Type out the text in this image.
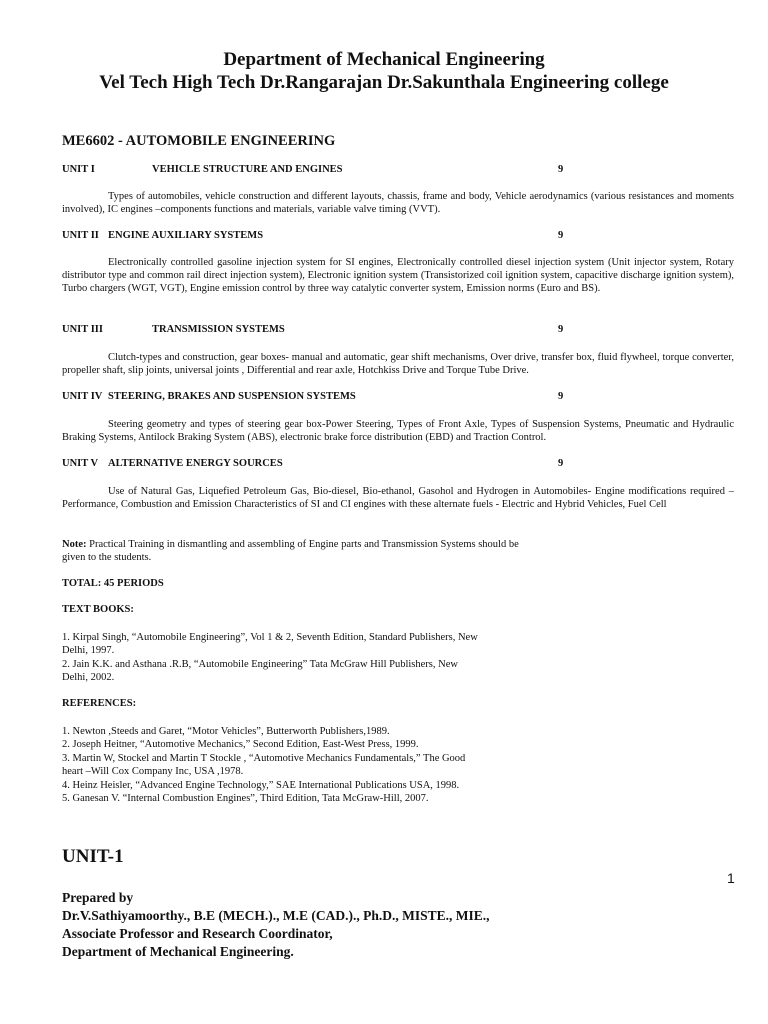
Department of Mechanical Engineering
Vel Tech High Tech Dr.Rangarajan Dr.Sakunthala Engineering college
ME6602 - AUTOMOBILE ENGINEERING
UNIT I	VEHICLE STRUCTURE AND ENGINES	9
Types of automobiles, vehicle construction and different layouts, chassis, frame and body, Vehicle aerodynamics (various resistances and moments involved), IC engines –components functions and materials, variable valve timing (VVT).
UNIT II ENGINE AUXILIARY SYSTEMS	9
Electronically controlled gasoline injection system for SI engines, Electronically controlled diesel injection system (Unit injector system, Rotary distributor type and common rail direct injection system), Electronic ignition system (Transistorized coil ignition system, capacitive discharge ignition system), Turbo chargers (WGT, VGT), Engine emission control by three way catalytic converter system, Emission norms (Euro and BS).
UNIT III	TRANSMISSION SYSTEMS	9
Clutch-types and construction, gear boxes- manual and automatic, gear shift mechanisms, Over drive, transfer box, fluid flywheel, torque converter, propeller shaft, slip joints, universal joints , Differential and rear axle, Hotchkiss Drive and Torque Tube Drive.
UNIT IV STEERING, BRAKES AND SUSPENSION SYSTEMS	9
Steering geometry and types of steering gear box-Power Steering, Types of Front Axle, Types of Suspension Systems, Pneumatic and Hydraulic Braking Systems, Antilock Braking System (ABS), electronic brake force distribution (EBD) and Traction Control.
UNIT V ALTERNATIVE ENERGY SOURCES	9
Use of Natural Gas, Liquefied Petroleum Gas, Bio-diesel, Bio-ethanol, Gasohol and Hydrogen in Automobiles- Engine modifications required –Performance, Combustion and Emission Characteristics of SI and CI engines with these alternate fuels - Electric and Hybrid Vehicles, Fuel Cell
Note: Practical Training in dismantling and assembling of Engine parts and Transmission Systems should be given to the students.
TOTAL: 45 PERIODS
TEXT BOOKS:
1. Kirpal Singh, “Automobile Engineering”, Vol 1 & 2, Seventh Edition, Standard Publishers, New
Delhi, 1997.
2. Jain K.K. and Asthana .R.B, “Automobile Engineering” Tata McGraw Hill Publishers, New
Delhi, 2002.
REFERENCES:
1. Newton ,Steeds and Garet, “Motor Vehicles”, Butterworth Publishers,1989.
2. Joseph Heitner, “Automotive Mechanics,” Second Edition, East-West Press, 1999.
3. Martin W, Stockel and Martin T Stockle , “Automotive Mechanics Fundamentals,” The Good
heart –Will Cox Company Inc, USA ,1978.
4. Heinz Heisler, “Advanced Engine Technology,” SAE International Publications USA, 1998.
5. Ganesan V. “Internal Combustion Engines”, Third Edition, Tata McGraw-Hill, 2007.
UNIT-1
1
Prepared by
Dr.V.Sathiyamoorthy., B.E (MECH.)., M.E (CAD.)., Ph.D., MISTE., MIE.,
Associate Professor and Research Coordinator,
Department of Mechanical Engineering.
